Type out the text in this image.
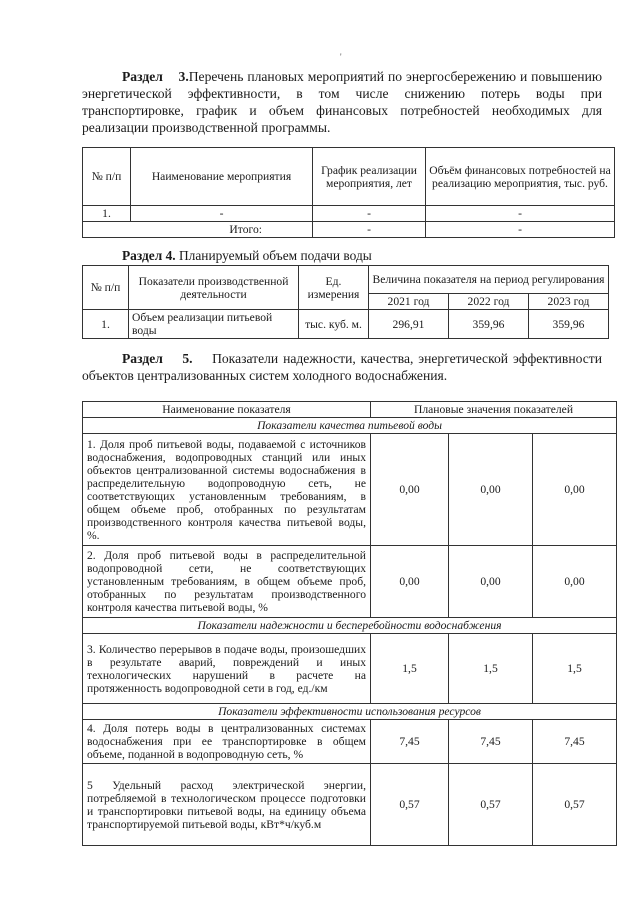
'
Раздел 3.Перечень плановых мероприятий по энергосбережению и повышению энергетической эффективности, в том числе снижению потерь воды при транспортировке, график и объем финансовых потребностей необходимых для реализации производственной программы.
№ п/п	Наименование мероприятия	График реализации мероприятия, лет	Объём финансовых потребностей на реализацию мероприятия, тыс. руб.
1.	-	-	-
Итого:		-	-
Раздел 4. Планируемый объем подачи воды
№ п/п	Показатели производственной деятельности	Ед. измерения	Величина показателя на период регулирования		
			2021 год	2022 год	2023 год
1.	Объем реализации питьевой воды	тыс. куб. м.	296,91	359,96	359,96
Раздел 5. Показатели надежности, качества, энергетической эффективности объектов централизованных систем холодного водоснабжения.
Наименование показателя	Плановые значения показателей		
Показатели качества питьевой воды			
1. Доля проб питьевой воды, подаваемой с источников водоснабжения, водопроводных станций или иных объектов централизованной системы водоснабжения в распределительную водопроводную сеть, не соответствующих установленным требованиям, в общем объеме проб, отобранных по результатам производственного контроля качества питьевой воды, %.	0,00	0,00	0,00
2. Доля проб питьевой воды в распределительной водопроводной сети, не соответствующих установленным требованиям, в общем объеме проб, отобранных по результатам производственного контроля качества питьевой воды, %	0,00	0,00	0,00
Показатели надежности и бесперебойности водоснабжения			
3. Количество перерывов в подаче воды, произошедших в результате аварий, повреждений и иных технологических нарушений в расчете на протяженность водопроводной сети в год, ед./км	1,5	1,5	1,5
Показатели эффективности использования ресурсов			
4. Доля потерь воды в централизованных системах водоснабжения при ее транспортировке в общем объеме, поданной в водопроводную сеть, %	7,45	7,45	7,45
5 Удельный расход электрической энергии, потребляемой в технологическом процессе подготовки и транспортировки питьевой воды, на единицу объема транспортируемой питьевой воды, кВт*ч/куб.м	0,57	0,57	0,57
